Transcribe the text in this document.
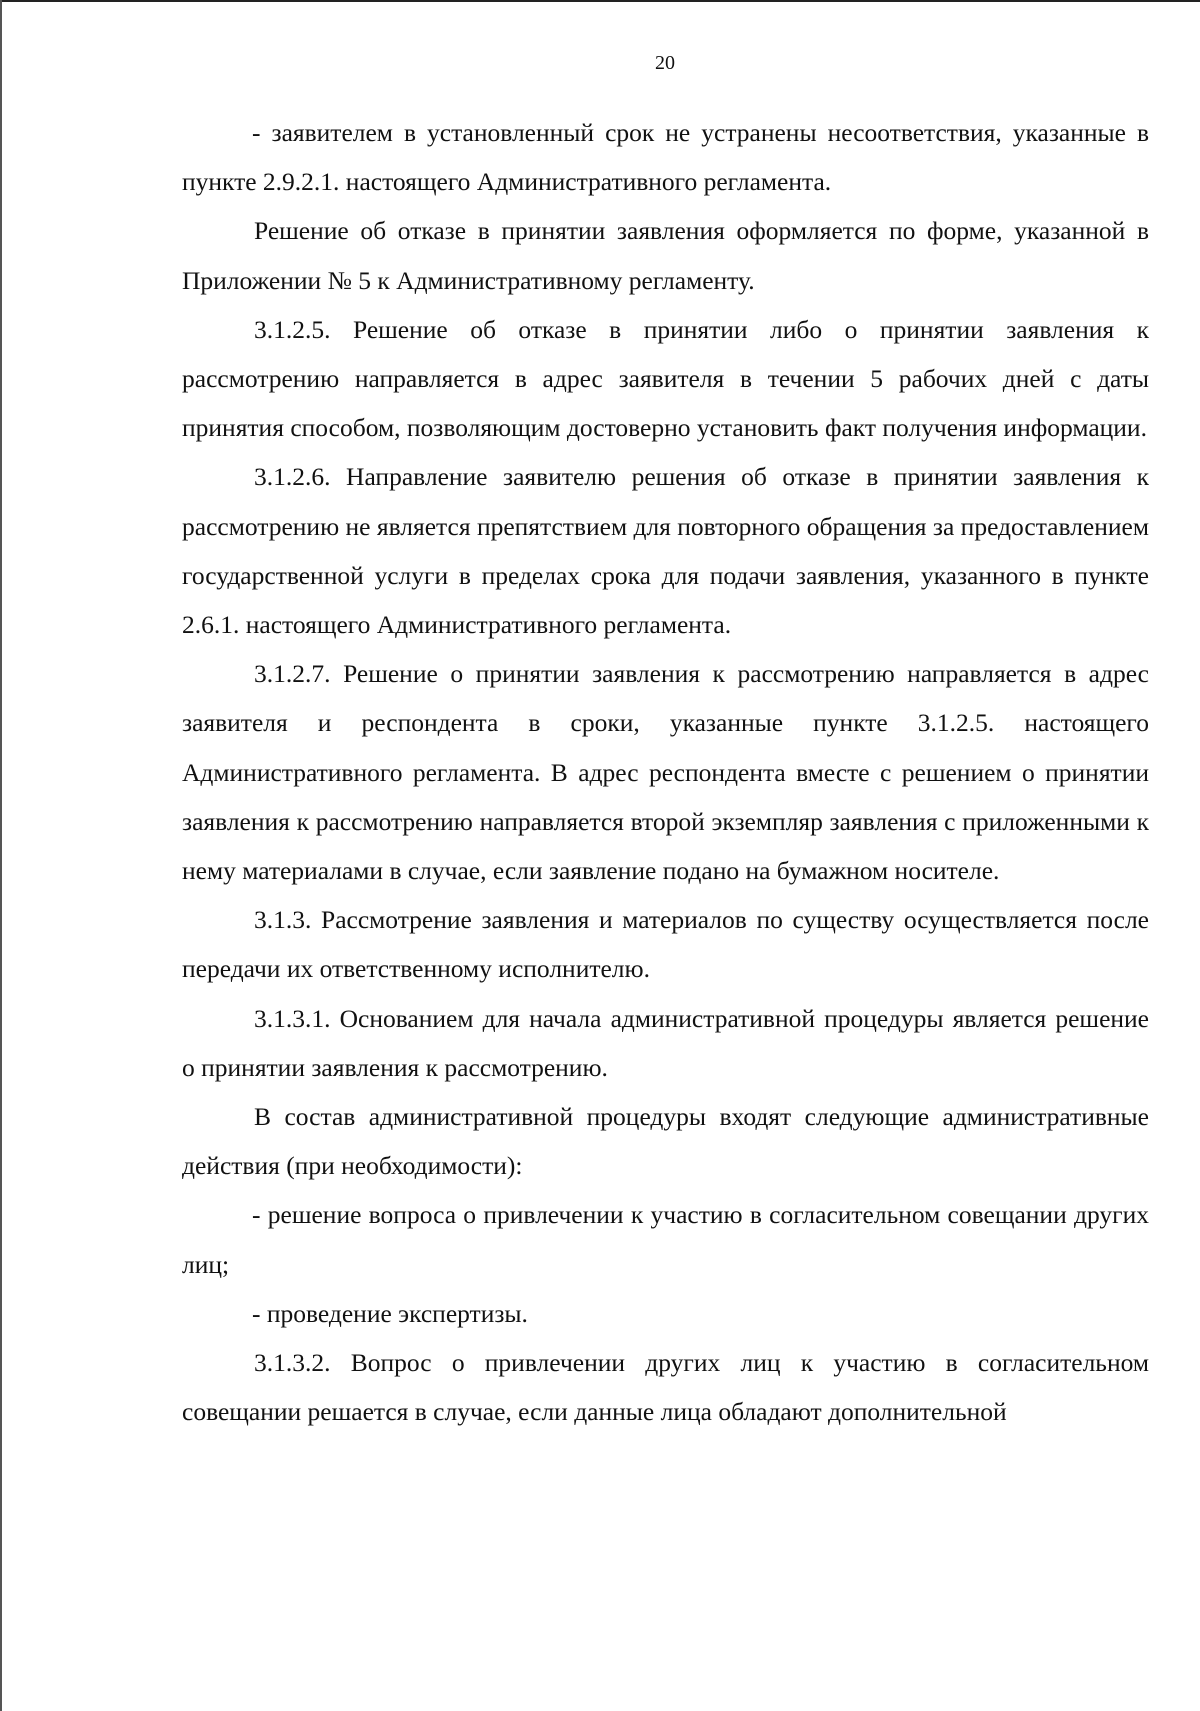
20

- заявителем в установленный срок не устранены несоответствия, указанные в пункте 2.9.2.1. настоящего Административного регламента.

Решение об отказе в принятии заявления оформляется по форме, указанной в Приложении № 5 к Административному регламенту.

3.1.2.5. Решение об отказе в принятии либо о принятии заявления к рассмотрению направляется в адрес заявителя в течении 5 рабочих дней с даты принятия способом, позволяющим достоверно установить факт получения информации.

3.1.2.6. Направление заявителю решения об отказе в принятии заявления к рассмотрению не является препятствием для повторного обращения за предоставлением государственной услуги в пределах срока для подачи заявления, указанного в пункте 2.6.1. настоящего Административного регламента.

3.1.2.7. Решение о принятии заявления к рассмотрению направляется в адрес заявителя и респондента в сроки, указанные пункте 3.1.2.5. настоящего Административного регламента. В адрес респондента вместе с решением о принятии заявления к рассмотрению направляется второй экземпляр заявления с приложенными к нему материалами в случае, если заявление подано на бумажном носителе.

3.1.3. Рассмотрение заявления и материалов по существу осуществляется после передачи их ответственному исполнителю.

3.1.3.1. Основанием для начала административной процедуры является решение о принятии заявления к рассмотрению.

В состав административной процедуры входят следующие административные действия (при необходимости):

- решение вопроса о привлечении к участию в согласительном совещании других лиц;

- проведение экспертизы.

3.1.3.2. Вопрос о привлечении других лиц к участию в согласительном совещании решается в случае, если данные лица обладают дополнительной
